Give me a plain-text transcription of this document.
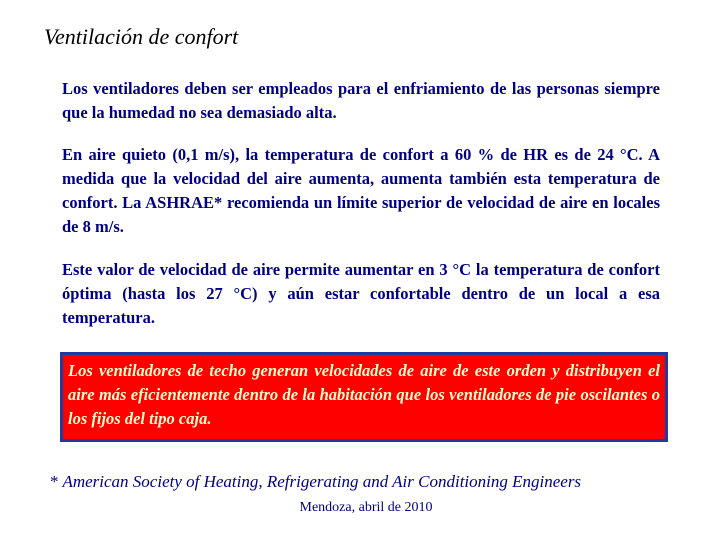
Ventilación de confort

Los ventiladores deben ser empleados para el enfriamiento de las personas siempre que la humedad no sea demasiado alta.

En aire quieto (0,1 m/s), la temperatura de confort a 60 % de HR es de 24 °C. A medida que la velocidad del aire aumenta, aumenta también esta temperatura de confort. La ASHRAE* recomienda un límite superior de velocidad de aire en locales de 8 m/s.

Este valor de velocidad de aire permite aumentar en 3 °C la temperatura de confort óptima (hasta los 27 °C) y aún estar confortable dentro de un local a esa temperatura.

Los ventiladores de techo generan velocidades de aire de este orden y distribuyen el aire más eficientemente dentro de la habitación que los ventiladores de pie oscilantes o los fijos del tipo caja.

* American Society of Heating, Refrigerating and Air Conditioning Engineers

Mendoza, abril de 2010
